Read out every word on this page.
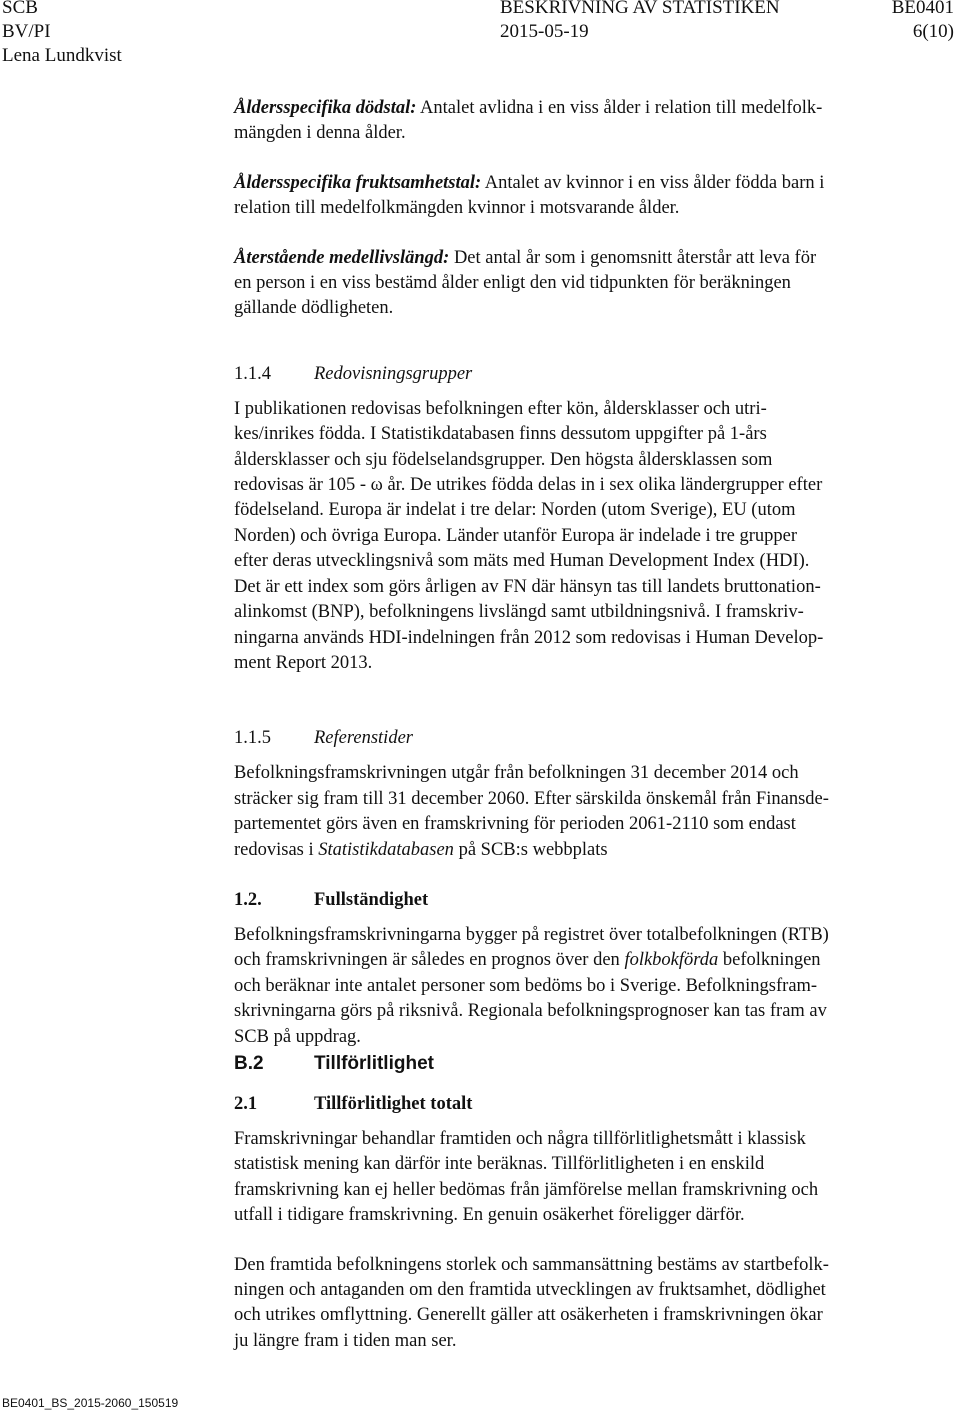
SCB
BV/PI
Lena Lundkvist
BESKRIVNING AV STATISTIKEN
2015-05-19
BE0401
6(10)

Åldersspecifika dödstal: Antalet avlidna i en viss ålder i relation till medelfolk-
mängden i denna ålder.

Åldersspecifika fruktsamhetstal: Antalet av kvinnor i en viss ålder födda barn i
relation till medelfolkmängden kvinnor i motsvarande ålder.

Återstående medellivslängd: Det antal år som i genomsnitt återstår att leva för
en person i en viss bestämd ålder enligt den vid tidpunkten för beräkningen
gällande dödligheten.

1.1.4	Redovisningsgrupper

I publikationen redovisas befolkningen efter kön, åldersklasser och utri-
kes/inrikes födda. I Statistikdatabasen finns dessutom uppgifter på 1-års
åldersklasser och sju födelselandsgrupper. Den högsta åldersklassen som
redovisas är 105 - ω år. De utrikes födda delas in i sex olika ländergrupper efter
födelseland. Europa är indelat i tre delar: Norden (utom Sverige), EU (utom
Norden) och övriga Europa. Länder utanför Europa är indelade i tre grupper
efter deras utvecklingsnivå som mäts med Human Development Index (HDI).
Det är ett index som görs årligen av FN där hänsyn tas till landets bruttonation-
alinkomst (BNP), befolkningens livslängd samt utbildningsnivå. I framskriv-
ningarna används HDI-indelningen från 2012 som redovisas i Human Develop-
ment Report 2013.

1.1.5	Referenstider

Befolkningsframskrivningen utgår från befolkningen 31 december 2014 och
sträcker sig fram till 31 december 2060. Efter särskilda önskemål från Finansde-
partementet görs även en framskrivning för perioden 2061-2110 som endast
redovisas i Statistikdatabasen på SCB:s webbplats

1.2.	Fullständighet

Befolkningsframskrivningarna bygger på registret över totalbefolkningen (RTB)
och framskrivningen är således en prognos över den folkbokförda befolkningen
och beräknar inte antalet personer som bedöms bo i Sverige. Befolkningsfram-
skrivningarna görs på riksnivå. Regionala befolkningsprognoser kan tas fram av
SCB på uppdrag.

B.2	Tillförlitlighet
2.1	Tillförlitlighet totalt

Framskrivningar behandlar framtiden och några tillförlitlighetsmått i klassisk
statistisk mening kan därför inte beräknas. Tillförlitligheten i en enskild
framskrivning kan ej heller bedömas från jämförelse mellan framskrivning och
utfall i tidigare framskrivning. En genuin osäkerhet föreligger därför.

Den framtida befolkningens storlek och sammansättning bestäms av startbefolk-
ningen och antaganden om den framtida utvecklingen av fruktsamhet, dödlighet
och utrikes omflyttning. Generellt gäller att osäkerheten i framskrivningen ökar
ju längre fram i tiden man ser.

BE0401_BS_2015-2060_150519
